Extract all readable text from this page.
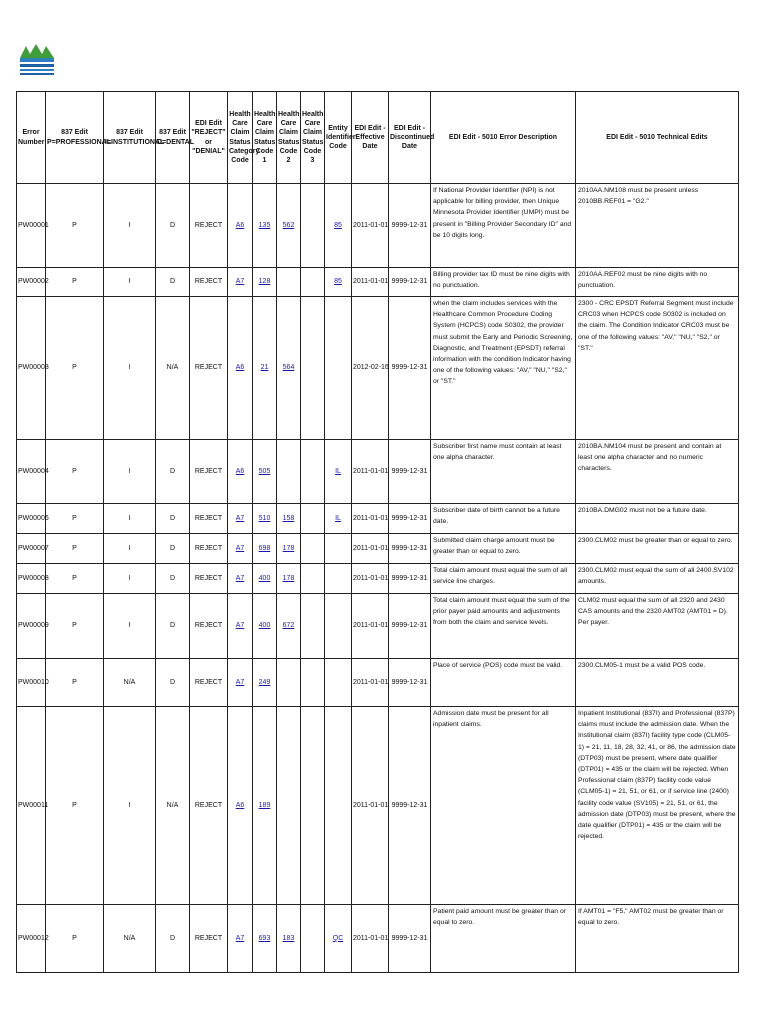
Error Number	837 Edit P=PROFESSIONAL	837 Edit I=INSTITUTIONAL	837 Edit D=DENTAL	EDI Edit "REJECT" or "DENIAL"	Health Care Claim Status Category Code	Health Care Claim Status Code 1	Health Care Claim Status Code 2	Health Care Claim Status Code 3	Entity Identifier Code	EDI Edit - Effective Date	EDI Edit - Discontinued Date	EDI Edit - 5010 Error Description	EDI Edit - 5010 Technical Edits
PW00001	P	I	D	REJECT	A6	135	562		85	2011-01-01	9999-12-31	If National Provider Identifier (NPI) is not applicable for billing provider, then Unique Minnesota Provider Identifier (UMPI) must be present in "Billing Provider Secondary ID" and be 10 digits long.	2010AA.NM108 must be present unless 2010BB.REF01 = "G2."
PW00002	P	I	D	REJECT	A7	128			85	2011-01-01	9999-12-31	Billing provider tax ID must be nine digits with no punctuation.	2010AA.REF02 must be nine digits with no punctuation.
PW00003	P	I	N/A	REJECT	A6	21	564			2012-02-16	9999-12-31	when the claim includes services with the Healthcare Common Procedure Coding System (HCPCS) code S0302, the provider must submit the Early and Periodic Screening, Diagnostic, and Treatment (EPSDT) referral information with the condition Indicator having one of the following values: "AV," "NU," "S2," or "ST."	2300 - CRC EPSDT Referral Segment must include CRC03 when HCPCS code S0302 is included on the claim. The Condition Indicator CRC03 must be one of the following values: "AV," "NU," "S2," or "ST."
PW00004	P	I	D	REJECT	A6	505			IL	2011-01-01	9999-12-31	Subscriber first name must contain at least one alpha character.	2010BA.NM104 must be present and contain at least one alpha character and no numeric characters.
PW00006	P	I	D	REJECT	A7	510	158		IL	2011-01-01	9999-12-31	Subscriber date of birth cannot be a future date.	2010BA.DMG02 must not be a future date.
PW00007	P	I	D	REJECT	A7	698	178			2011-01-01	9999-12-31	Submitted claim charge amount must be greater than or equal to zero.	2300.CLM02 must be greater than or equal to zero.
PW00008	P	I	D	REJECT	A7	400	178			2011-01-01	9999-12-31	Total claim amount must equal the sum of all service line charges.	2300.CLM02 must equal the sum of all 2400.SV102 amounts.
PW00009	P	I	D	REJECT	A7	400	672			2011-01-01	9999-12-31	Total claim amount must equal the sum of the prior payer paid amounts and adjustments from both the claim and service levels.	CLM02 must equal the sum of all 2320 and 2430 CAS amounts and the 2320 AMT02 (AMT01 = D). Per payer.
PW00010	P	N/A	D	REJECT	A7	249				2011-01-01	9999-12-31	Place of service (POS) code must be valid.	2300.CLM05-1 must be a valid POS code.
PW00011	P	I	N/A	REJECT	A6	189				2011-01-01	9999-12-31	Admission date must be present for all inpatient claims.	Inpatient Institutional (837I) and Professional (837P) claims must include the admission date. When the Institutional claim (837I) facility type code (CLM05-1) = 21, 11, 18, 28, 32, 41, or 86, the admission date (DTP03) must be present, where date qualifier (DTP01) = 435 or the claim will be rejected. When Professional claim (837P) facility code value (CLM05-1) = 21, 51, or 61, or if service line (2400) facility code value (SV105) = 21, 51, or 61, the admission date (DTP03) must be present, where the date qualifier (DTP01) = 435 or the claim will be rejected.
PW00012	P	N/A	D	REJECT	A7	693	183		QC	2011-01-01	9999-12-31	Patient paid amount must be greater than or equal to zero.	If AMT01 = "F5," AMT02 must be greater than or equal to zero.
